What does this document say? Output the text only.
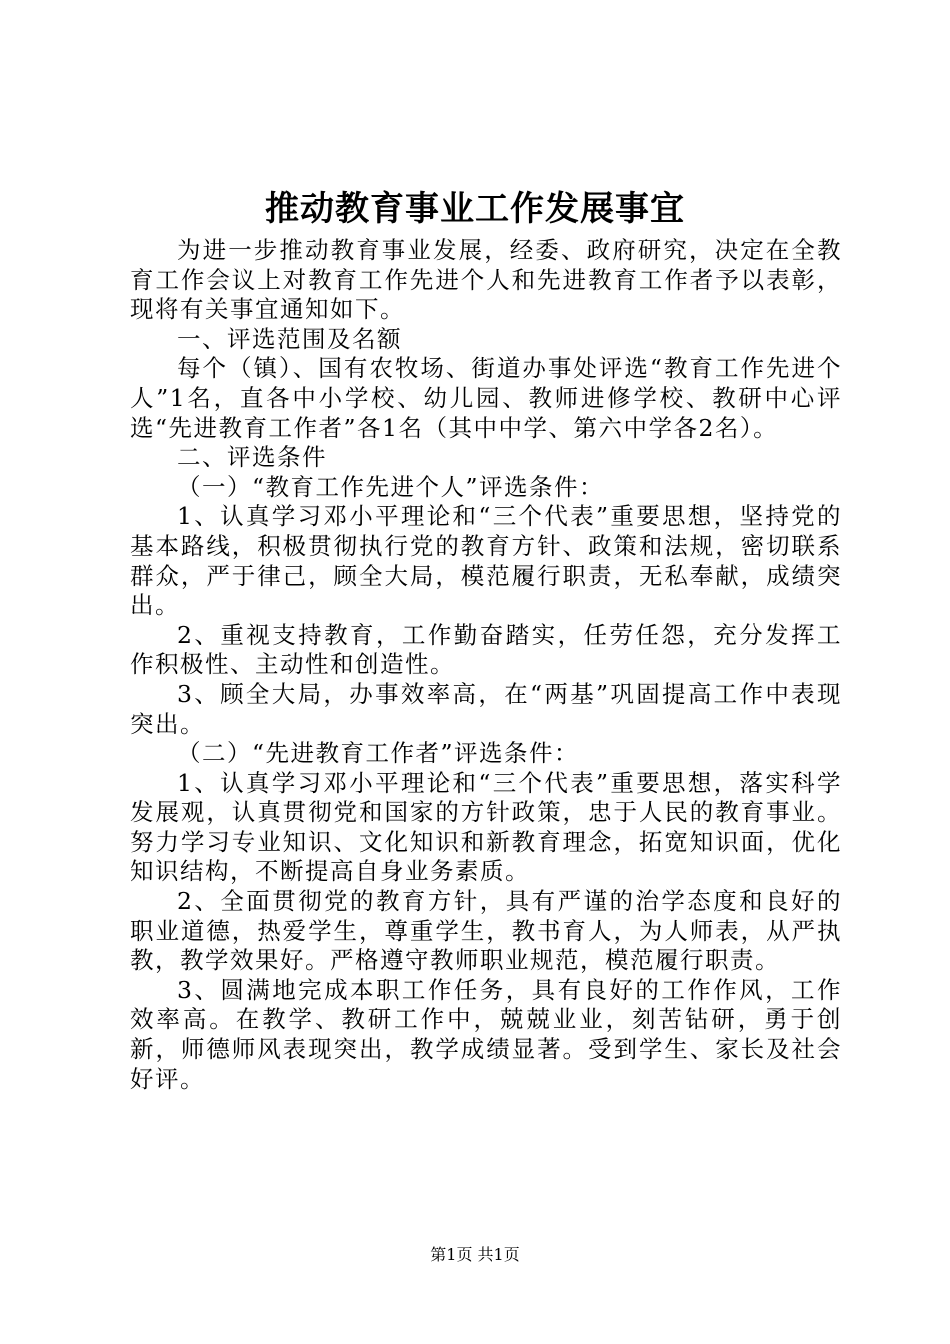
推动教育事业工作发展事宜

为进一步推动教育事业发展，经委、政府研究，决定在全教育工作会议上对教育工作先进个人和先进教育工作者予以表彰，现将有关事宜通知如下。

一、评选范围及名额

每个（镇）、国有农牧场、街道办事处评选“教育工作先进个人”1名，直各中小学校、幼儿园、教师进修学校、教研中心评选“先进教育工作者”各1名（其中中学、第六中学各2名）。

二、评选条件

（一）“教育工作先进个人”评选条件：

1、认真学习邓小平理论和“三个代表”重要思想，坚持党的基本路线，积极贯彻执行党的教育方针、政策和法规，密切联系群众，严于律己，顾全大局，模范履行职责，无私奉献，成绩突出。

2、重视支持教育，工作勤奋踏实，任劳任怨，充分发挥工作积极性、主动性和创造性。

3、顾全大局，办事效率高，在“两基”巩固提高工作中表现突出。

（二）“先进教育工作者”评选条件：

1、认真学习邓小平理论和“三个代表”重要思想，落实科学发展观，认真贯彻党和国家的方针政策，忠于人民的教育事业。努力学习专业知识、文化知识和新教育理念，拓宽知识面，优化知识结构，不断提高自身业务素质。

2、全面贯彻党的教育方针，具有严谨的治学态度和良好的职业道德，热爱学生，尊重学生，教书育人，为人师表，从严执教，教学效果好。严格遵守教师职业规范，模范履行职责。

3、圆满地完成本职工作任务，具有良好的工作作风，工作效率高。在教学、教研工作中，兢兢业业，刻苦钻研，勇于创新，师德师风表现突出，教学成绩显著。受到学生、家长及社会好评。

第1页 共1页
